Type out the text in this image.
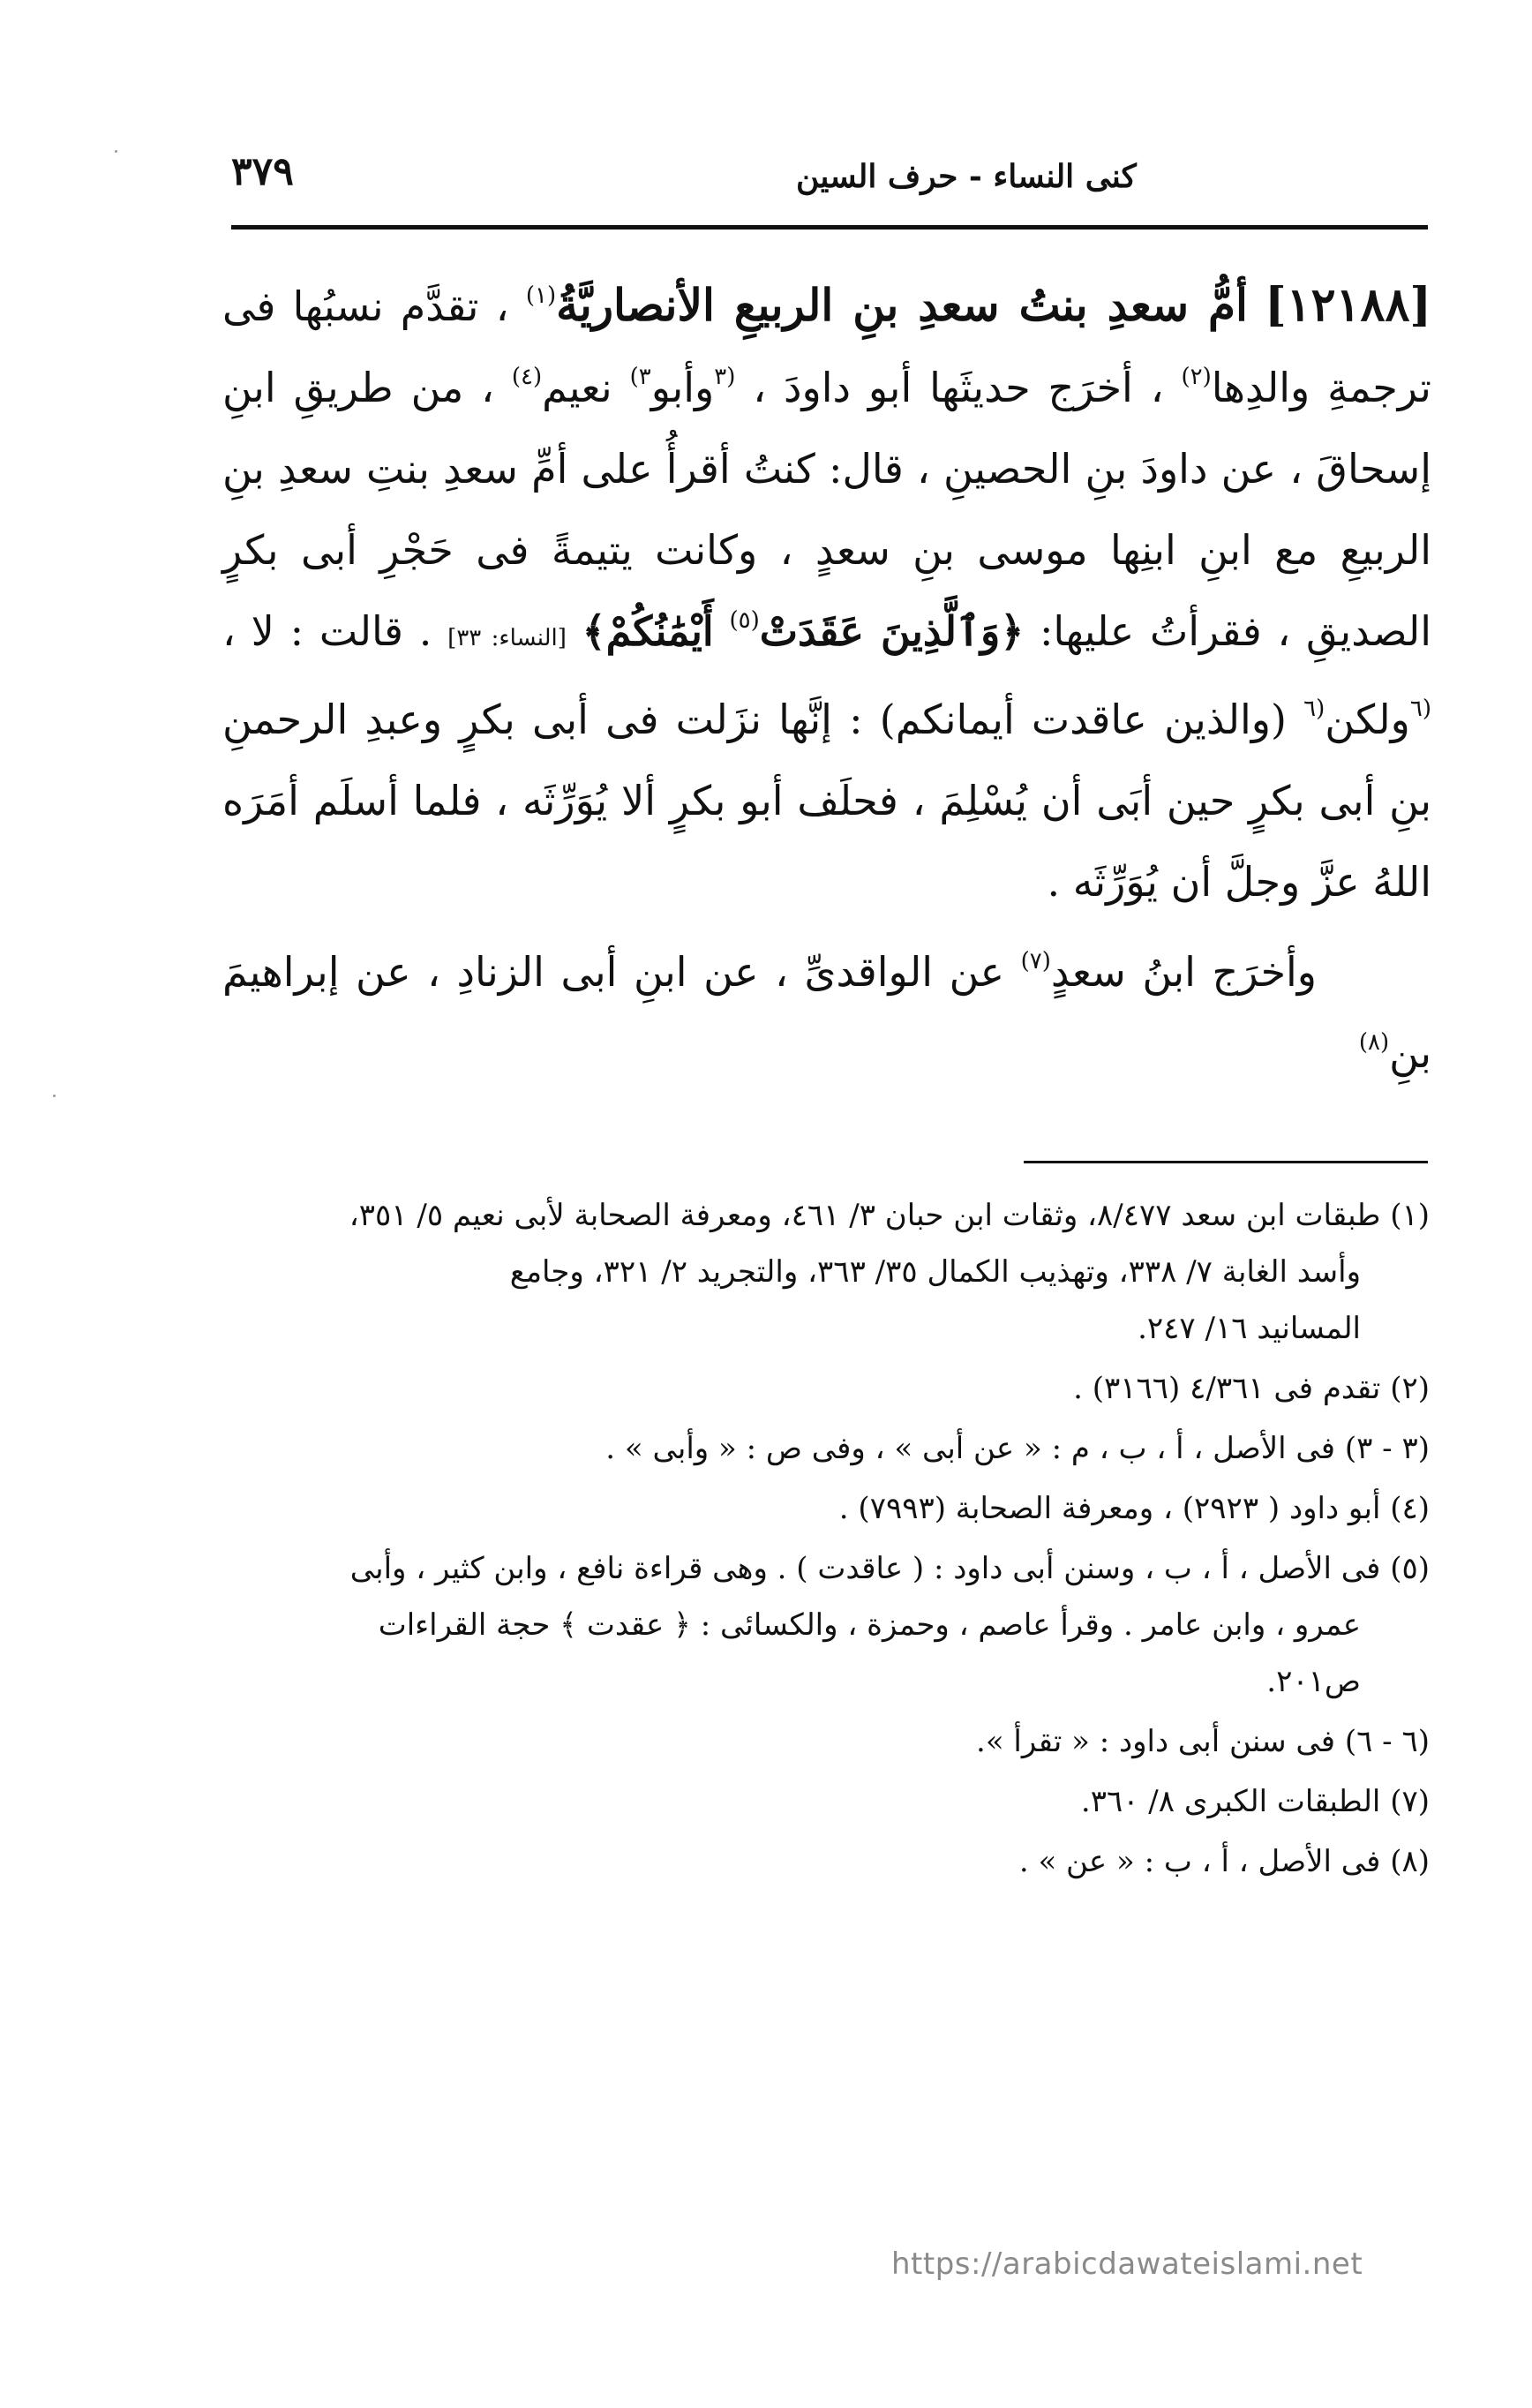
٣٧٩	كنى النساء - حرف السين

[١٢١٨٨] أمُّ سعدِ بنتُ سعدِ بنِ الربيعِ الأنصاريَّةُ$^{(١)}$ ، تقدَّم نسبُها فى ترجمةِ والدِها$^{(٢)}$ ، أخرَج حديثَها أبو داودَ ، $^{(٣}$وأبو$^{٣)}$ نعيم$^{(٤)}$ ، من طريقِ ابنِ إسحاقَ ، عن داودَ بنِ الحصينِ ، قال: كنتُ أقرأُ على أمِّ سعدِ بنتِ سعدِ بنِ الربيعِ مع ابنِ ابنِها موسى بنِ سعدٍ ، وكانت يتيمةً فى حَجْرِ أبى بكرٍ الصديقِ ، فقرأتُ عليها: ﴿وَٱلَّذِينَ عَقَدَتْ$^{(٥)}$ أَيْمَٰنُكُمْ﴾ [النساء: ٣٣] . قالت : لا ، $^{(٦}$ولكن$^{(٦}$ (والذين عاقدت أيمانكم) : إنَّها نزَلت فى أبى بكرٍ وعبدِ الرحمنِ بنِ أبى بكرٍ حين أبَى أن يُسْلِمَ ، فحلَف أبو بكرٍ ألا يُوَرِّثَه ، فلما أسلَم أمَرَه اللهُ عزَّ وجلَّ أن يُوَرِّثَه .

وأخرَج ابنُ سعدٍ$^{(٧)}$ عن الواقدىِّ ، عن ابنِ أبى الزنادِ ، عن إبراهيمَ بنِ$^{(٨)}$

(١) طبقات ابن سعد ٨/٤٧٧، وثقات ابن حبان ٣/ ٤٦١، ومعرفة الصحابة لأبى نعيم ٥/ ٣٥١،
وأسد الغابة ٧/ ٣٣٨، وتهذيب الكمال ٣٥/ ٣٦٣، والتجريد ٢/ ٣٢١، وجامع
المسانيد ١٦/ ٢٤٧.
(٢) تقدم فى ٤/٣٦١ (٣١٦٦) .
(٣ - ٣) فى الأصل ، أ ، ب ، م : « عن أبى » ، وفى ص : « وأبى » .
(٤) أبو داود ( ٢٩٢٣) ، ومعرفة الصحابة (٧٩٩٣) .
(٥) فى الأصل ، أ ، ب ، وسنن أبى داود : ( عاقدت ) . وهى قراءة نافع ، وابن كثير ، وأبى
عمرو ، وابن عامر . وقرأ عاصم ، وحمزة ، والكسائى : ﴿ عقدت ﴾ حجة القراءات
ص٢٠١.
(٦ - ٦) فى سنن أبى داود : « تقرأ ».
(٧) الطبقات الكبرى ٨/ ٣٦٠.
(٨) فى الأصل ، أ ، ب : « عن » .
https://arabicdawateislami.net
